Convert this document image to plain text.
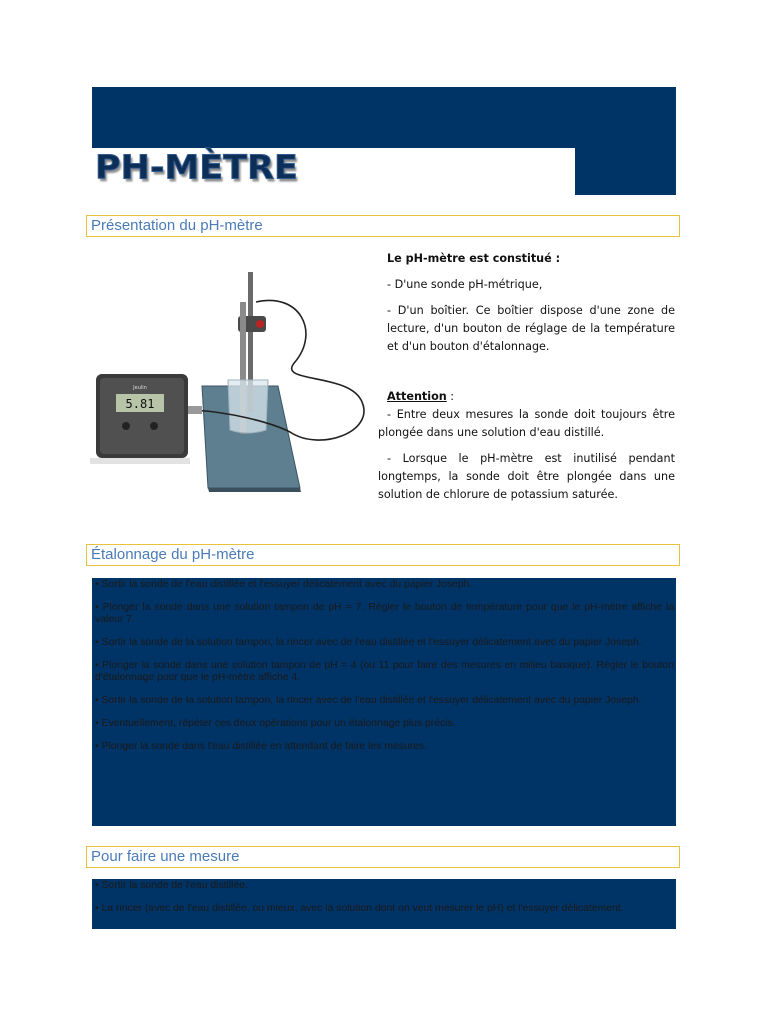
PH-MÈTRE
Présentation du pH-mètre
5.81
Jeulin

Le pH-mètre est constitué :

- D'une sonde pH-métrique,

- D'un boîtier. Ce boîtier dispose d'une zone de lecture, d'un bouton de réglage de la température et d'un bouton d'étalonnage.

Attention :

- Entre deux mesures la sonde doit toujours être plongée dans une solution d'eau distillé.

- Lorsque le pH-mètre est inutilisé pendant longtemps, la sonde doit être plongée dans une solution de chlorure de potassium saturée.

Étalonnage du pH-mètre

• Sortir la sonde de l'eau distillée et l'essuyer délicatement avec du papier Joseph.

• Plonger la sonde dans une solution tampon de pH = 7. Régler le bouton de température pour que le pH-mètre affiche la valeur 7.

• Sortir la sonde de la solution tampon, la rincer avec de l'eau distillée et l'essuyer délicatement avec du papier Joseph.

• Plonger la sonde dans une solution tampon de pH = 4 (ou 11 pour faire des mesures en milieu basique). Régler le bouton d'étalonnage pour que le pH-mètre affiche 4.

• Sortir la sonde de la solution tampon, la rincer avec de l'eau distillée et l'essuyer délicatement avec du papier Joseph.

• Eventuellement, répéter ces deux opérations pour un étalonnage plus précis.

• Plonger la sonde dans l'eau distillée en attendant de faire les mesures.

Pour faire une mesure

• Sortir la sonde de l'eau distillée.

• La rincer (avec de l'eau distillée, ou mieux, avec la solution dont on veut mesurer le pH) et l'essuyer délicatement.
